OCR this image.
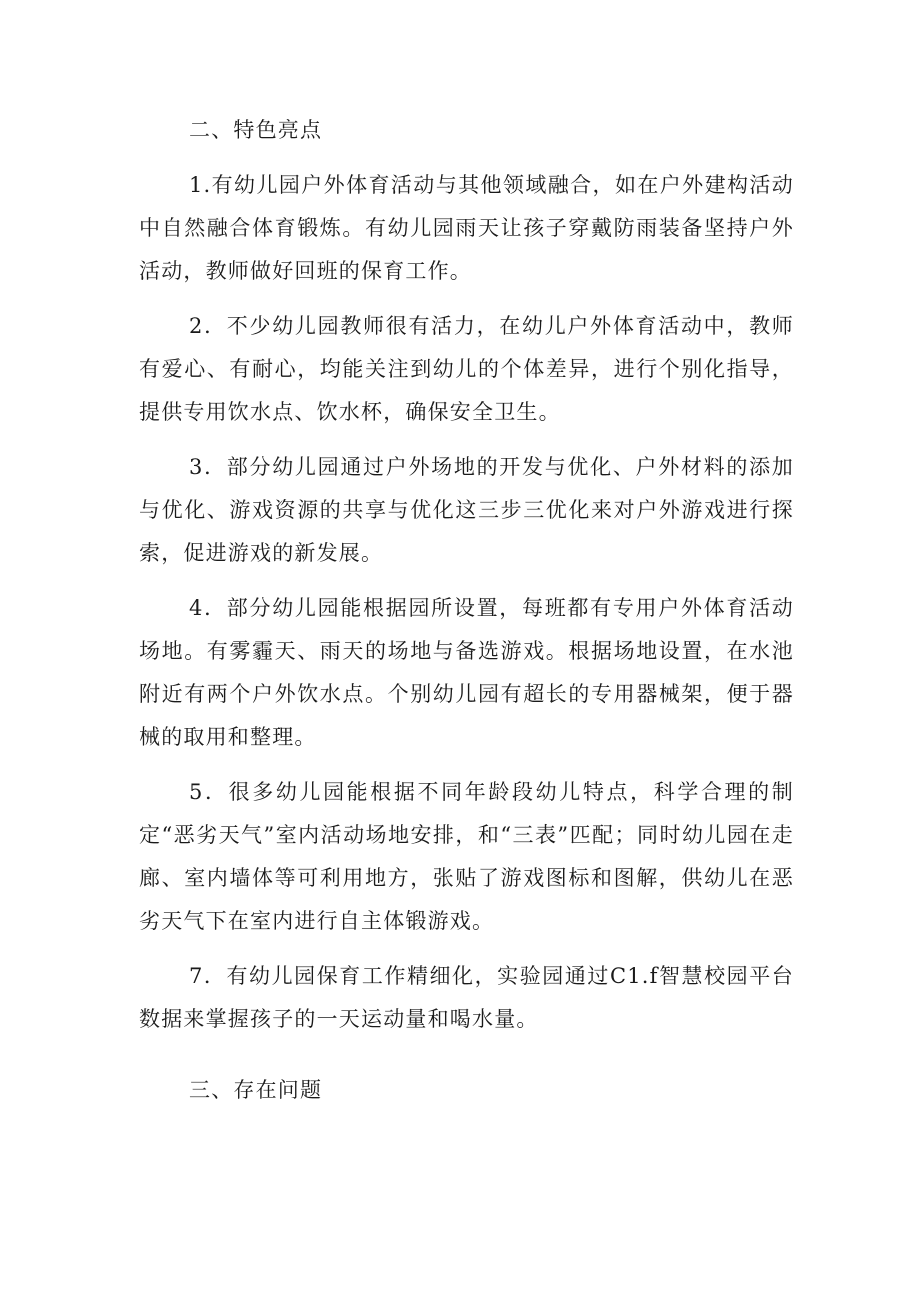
二、特色亮点

1.有幼儿园户外体育活动与其他领域融合，如在户外建构活动中自然融合体育锻炼。有幼儿园雨天让孩子穿戴防雨装备坚持户外活动，教师做好回班的保育工作。

2．不少幼儿园教师很有活力，在幼儿户外体育活动中，教师有爱心、有耐心，均能关注到幼儿的个体差异，进行个别化指导，提供专用饮水点、饮水杯，确保安全卫生。

3．部分幼儿园通过户外场地的开发与优化、户外材料的添加与优化、游戏资源的共享与优化这三步三优化来对户外游戏进行探索，促进游戏的新发展。

4．部分幼儿园能根据园所设置，每班都有专用户外体育活动场地。有雾霾天、雨天的场地与备选游戏。根据场地设置，在水池附近有两个户外饮水点。个别幼儿园有超长的专用器械架，便于器械的取用和整理。

5．很多幼儿园能根据不同年龄段幼儿特点，科学合理的制定“恶劣天气”室内活动场地安排，和“三表”匹配；同时幼儿园在走廊、室内墙体等可利用地方，张贴了游戏图标和图解，供幼儿在恶劣天气下在室内进行自主体锻游戏。

7．有幼儿园保育工作精细化，实验园通过C1.f智慧校园平台数据来掌握孩子的一天运动量和喝水量。

三、存在问题
